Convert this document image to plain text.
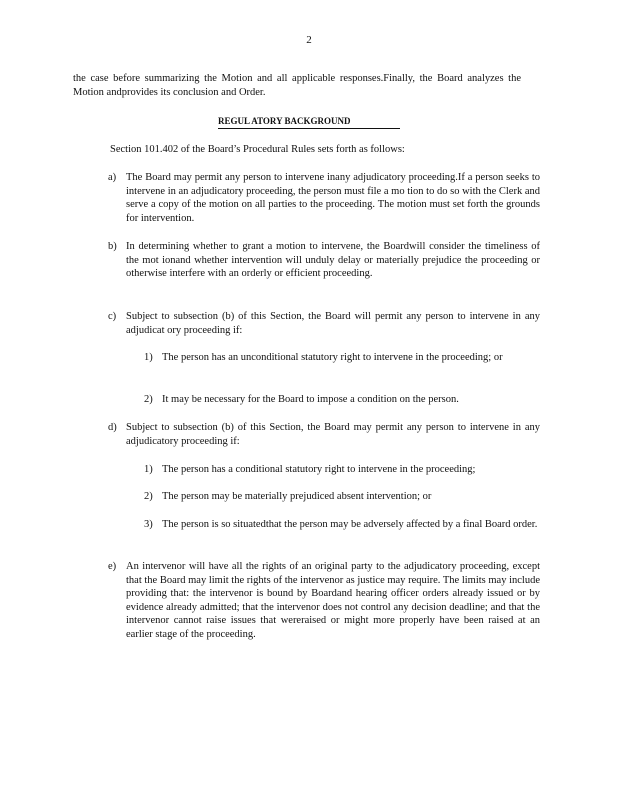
2
the case before summarizing the Motion and all applicable responses.Finally, the Board analyzes the Motion andprovides its conclusion and Order.
REGUL ATORY BACKGROUND
Section 101.402 of the Board’s Procedural Rules sets forth as follows:
a) The Board may permit any person to intervene inany adjudicatory proceeding.If a person seeks to intervene in an adjudicatory proceeding, the person must file a mo tion to do so with the Clerk and serve a copy of the motion on all parties to the proceeding. The motion must set forth the grounds for intervention.
b) In determining whether to grant a motion to intervene, the Boardwill consider the timeliness of the mot ionand whether intervention will unduly delay or materially prejudice the proceeding or otherwise interfere with an orderly or efficient proceeding.
c) Subject to subsection (b) of this Section, the Board will permit any person to intervene in any adjudicat ory proceeding if:
1) The person has an unconditional statutory right to intervene in the proceeding; or
2) It may be necessary for the Board to impose a condition on the person.
d) Subject to subsection (b) of this Section, the Board may permit any person to intervene in any adjudicatory proceeding if:
1) The person has a conditional statutory right to intervene in the proceeding;
2) The person may be materially prejudiced absent intervention; or
3) The person is so situatedthat the person may be adversely affected by a final Board order.
e) An intervenor will have all the rights of an original party to the adjudicatory proceeding, except that the Board may limit the rights of the intervenor as justice may require. The limits may include providing that: the intervenor is bound by Boardand hearing officer orders already issued or by evidence already admitted; that the intervenor does not control any decision deadline; and that the intervenor cannot raise issues that wereraised or might more properly have been raised at an earlier stage of the proceeding.
